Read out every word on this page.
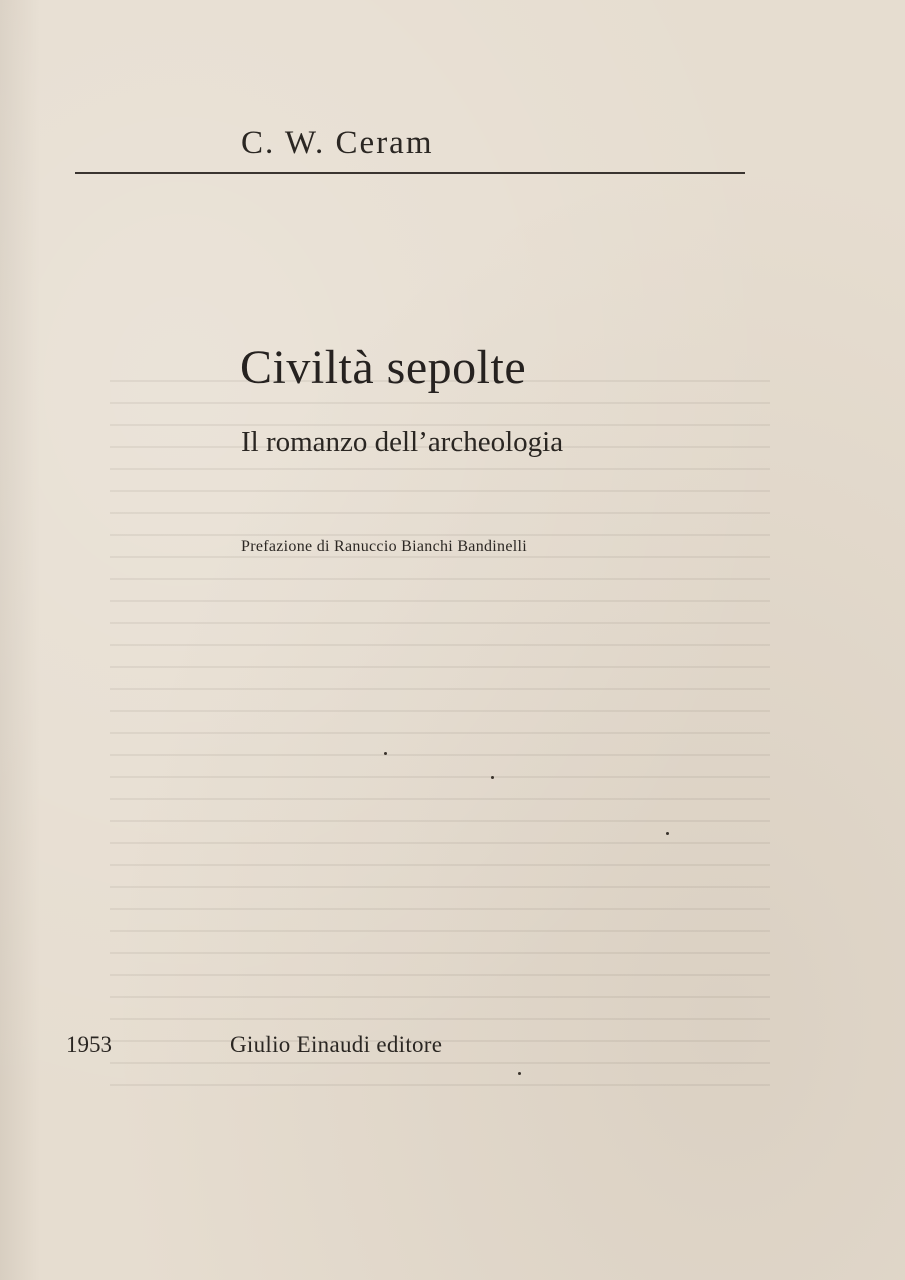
C. W. Ceram
Civiltà sepolte
Il romanzo dell’archeologia
Prefazione di Ranuccio Bianchi Bandinelli
1953	Giulio Einaudi editore
